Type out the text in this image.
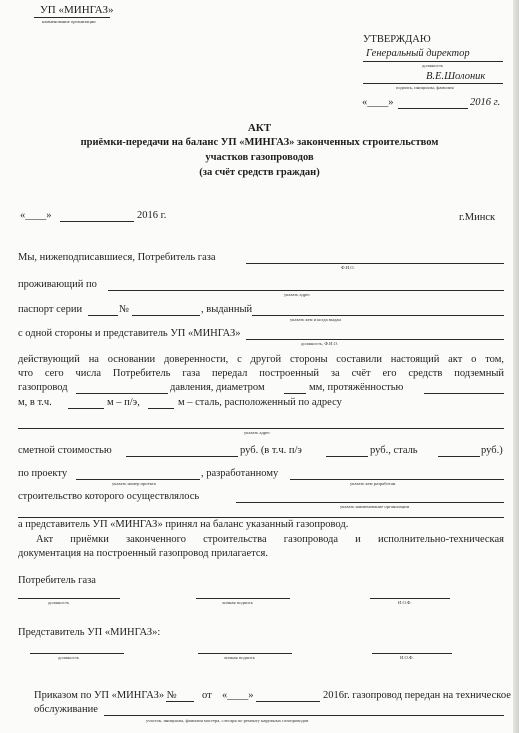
УП «МИНГАЗ»
наименование организации
УТВЕРЖДАЮ
Генеральный директор
должность
В.Е.Шолоник
подпись, инициалы, фамилия
«____»	2016 г.
АКТ
приёмки-передачи на баланс УП «МИНГАЗ» законченных строительством
участков газопроводов
(за счёт средств граждан)
«____»	2016 г.	г.Минск
Мы, нижеподписавшиеся, Потребитель газа
Ф.И.О.
проживающий по
указать адрес
паспорт серии	№	, выданный
указать кем и когда выдан
с одной стороны и представитель УП «МИНГАЗ»
должность, Ф.И.О.
действующий на основании доверенности, с другой стороны составили настоящий акт о том,
что сего числа Потребитель газа передал построенный за счёт его средств подземный
газопровод	давления, диаметром	мм, протяжённостью
м, в т.ч.	м – п/э,	м – сталь, расположенный по адресу
указать адрес
сметной стоимостью	руб. (в т.ч. п/э	руб., сталь	руб.)
по проекту
указать номер проекта
, разработанному
указать кем разработан
строительство которого осуществлялось
указать наименование организации
а представитель УП «МИНГАЗ» принял на баланс указанный газопровод.
Акт приёмки законченного строительства газопровода и исполнительно-техническая
документация на построенный газопровод прилагается.
Потребитель газа
должность	личная подпись	И.О.Ф.
Представитель УП «МИНГАЗ»:
должность	личная подпись	И.О.Ф.
Приказом по УП «МИНГАЗ» № от «____»	2016г. газопровод передан на техническое
обслуживание
участок, инициалы, фамилия мастера, слесаря по ремонту наружных газопроводов
